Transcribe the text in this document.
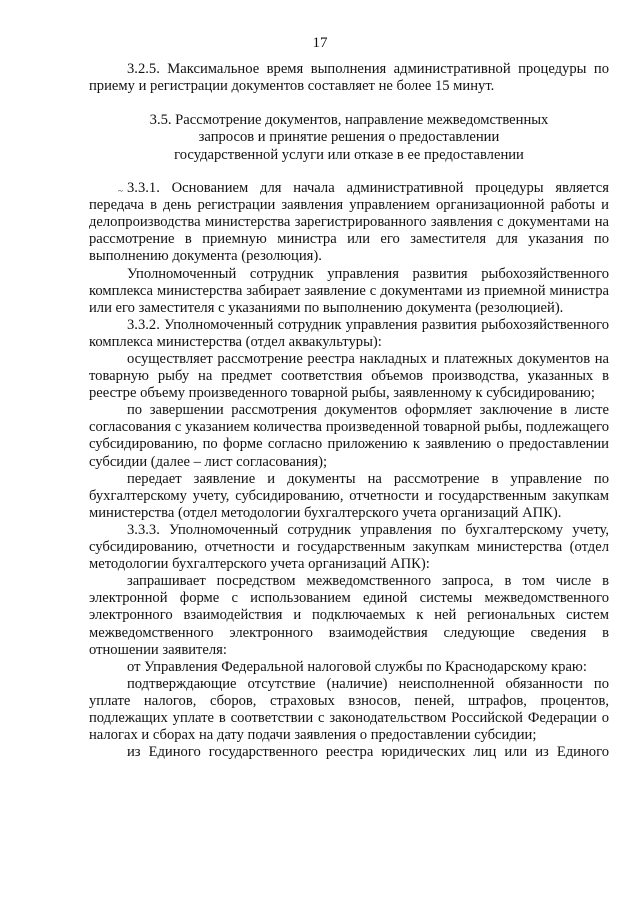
17
~

3.2.5. Максимальное время выполнения административной процедуры по приему и регистрации документов составляет не более 15 минут.

3.5. Рассмотрение документов, направление межведомственных
запросов и принятие решения о предоставлении
государственной услуги или отказе в ее предоставлении

3.3.1. Основанием для начала административной процедуры является передача в день регистрации заявления управлением организационной работы и делопроизводства министерства зарегистрированного заявления с документами на рассмотрение в приемную министра или его заместителя для указания по выполнению документа (резолюция).

Уполномоченный сотрудник управления развития рыбохозяйственного комплекса министерства забирает заявление с документами из приемной министра или его заместителя с указаниями по выполнению документа (резолюцией).

3.3.2. Уполномоченный сотрудник управления развития рыбохозяйственного комплекса министерства (отдел аквакультуры):

осуществляет рассмотрение реестра накладных и платежных документов на товарную рыбу на предмет соответствия объемов производства, указанных в реестре объему произведенного товарной рыбы, заявленному к субсидированию;

по завершении рассмотрения документов оформляет заключение в листе согласования с указанием количества произведенной товарной рыбы, подлежащего субсидированию, по форме согласно приложению к заявлению о предоставлении субсидии (далее – лист согласования);

передает заявление и документы на рассмотрение в управление по бухгалтерскому учету, субсидированию, отчетности и государственным закупкам министерства (отдел методологии бухгалтерского учета организаций АПК).

3.3.3. Уполномоченный сотрудник управления по бухгалтерскому учету, субсидированию, отчетности и государственным закупкам министерства (отдел методологии бухгалтерского учета организаций АПК):

запрашивает посредством межведомственного запроса, в том числе в электронной форме с использованием единой системы межведомственного электронного взаимодействия и подключаемых к ней региональных систем межведомственного электронного взаимодействия следующие сведения в отношении заявителя:

от Управления Федеральной налоговой службы по Краснодарскому краю:

подтверждающие отсутствие (наличие) неисполненной обязанности по уплате налогов, сборов, страховых взносов, пеней, штрафов, процентов, подлежащих уплате в соответствии с законодательством Российской Федерации о налогах и сборах на дату подачи заявления о предоставлении субсидии;

из Единого государственного реестра юридических лиц или из Единого
